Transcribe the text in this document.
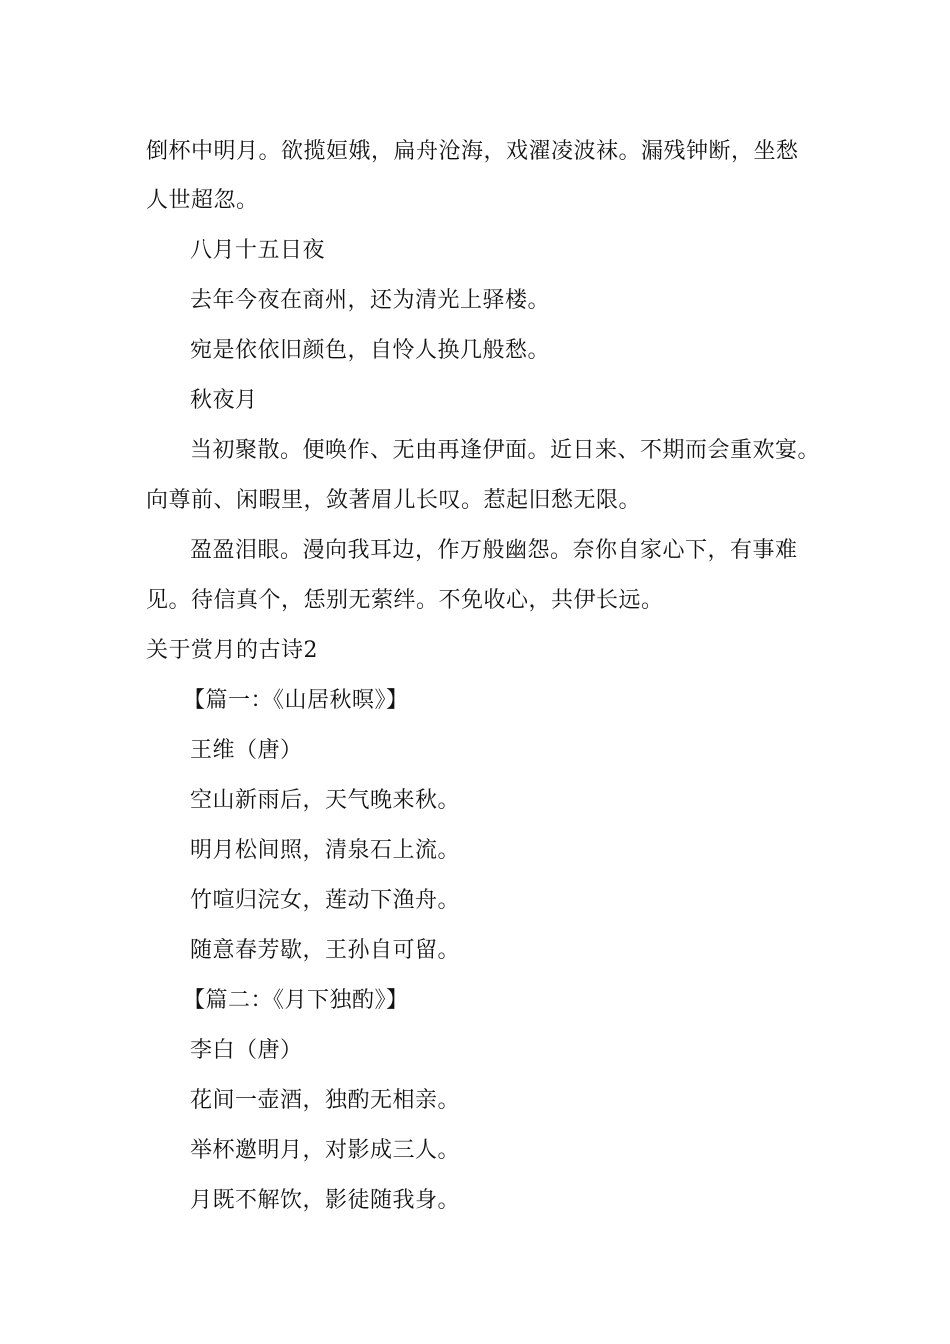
倒杯中明月。欲揽姮娥，扁舟沧海，戏濯凌波袜。漏残钟断，坐愁
人世超忽。
八月十五日夜
去年今夜在商州，还为清光上驿楼。
宛是依依旧颜色，自怜人换几般愁。
秋夜月
当初聚散。便唤作、无由再逢伊面。近日来、不期而会重欢宴。
向尊前、闲暇里，敛著眉儿长叹。惹起旧愁无限。
盈盈泪眼。漫向我耳边，作万般幽怨。奈你自家心下，有事难
见。待信真个，恁别无萦绊。不免收心，共伊长远。
关于赏月的古诗2
【篇一：《山居秋暝》】
王维（唐）
空山新雨后，天气晚来秋。
明月松间照，清泉石上流。
竹喧归浣女，莲动下渔舟。
随意春芳歇，王孙自可留。
【篇二：《月下独酌》】
李白（唐）
花间一壶酒，独酌无相亲。
举杯邀明月，对影成三人。
月既不解饮，影徒随我身。
